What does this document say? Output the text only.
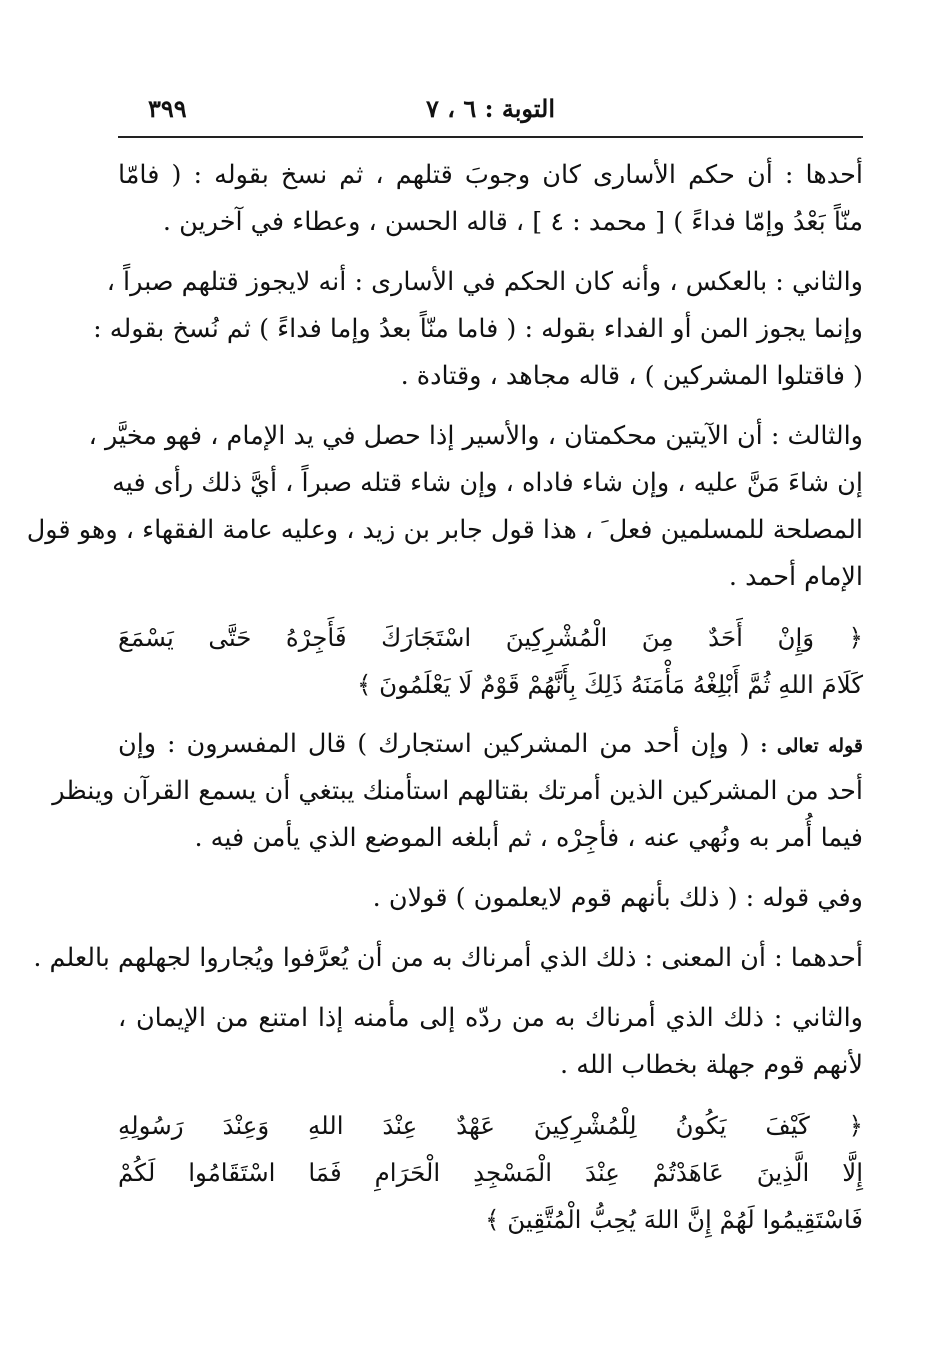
٣٩٩	التوبة : ٦ ، ٧
أحدها : أن حكم الأسارى كان وجوبَ قتلهم ، ثم نسخ بقوله : ( فامّا
منّاً بَعْدُ وإمّا فداءً ) [ محمد : ٤ ] ، قاله الحسن ، وعطاء في آخرين .
والثاني : بالعكس ، وأنه كان الحكم في الأسارى : أنه لايجوز قتلهم صبراً ،
وإنما يجوز المن أو الفداء بقوله : ( فاما منّاً بعدُ وإما فداءً ) ثم نُسخ بقوله :
( فاقتلوا المشركين ) ، قاله مجاهد ، وقتادة .
والثالث : أن الآيتين محكمتان ، والأسير إذا حصل في يد الإمام ، فهو مخيَّر ،
إن شاءَ مَنَّ عليه ، وإن شاء فاداه ، وإن شاء قتله صبراً ، أيَّ ذلك رأى فيه
المصلحة للمسلمين فعل َ ، هذا قول جابر بن زيد ، وعليه عامة الفقهاء ، وهو قول
الإمام أحمد .
﴿ وَإِنْ أَحَدٌ مِنَ الْمُشْرِكِينَ اسْتَجَارَكَ فَأَجِرْهُ حَتَّى يَسْمَعَ
كَلَامَ اللهِ ثُمَّ أَبْلِغْهُ مَأْمَنَهُ ذَلِكَ بِأَنَّهُمْ قَوْمٌ لَا يَعْلَمُونَ ﴾
قوله تعالى : ( وإن أحد من المشركين استجارك ) قال المفسرون : وإن
أحد من المشركين الذين أمرتك بقتالهم استأمنك يبتغي أن يسمع القرآن وينظر
فيما أُمر به ونُهي عنه ، فأجِرْه ، ثم أبلغه الموضع الذي يأمن فيه .
وفي قوله : ( ذلك بأنهم قوم لايعلمون ) قولان .
أحدهما : أن المعنى : ذلك الذي أمرناك به من أن يُعرَّفوا ويُجاروا لجهلهم بالعلم .
والثاني : ذلك الذي أمرناك به من ردّه إلى مأمنه إذا امتنع من الإيمان ،
لأنهم قوم جهلة بخطاب الله .
﴿ كَيْفَ يَكُونُ لِلْمُشْرِكِينَ عَهْدٌ عِنْدَ اللهِ وَعِنْدَ رَسُولِهِ
إِلَّا الَّذِينَ عَاهَدْتُمْ عِنْدَ الْمَسْجِدِ الْحَرَامِ فَمَا اسْتَقَامُوا لَكُمْ
فَاسْتَقِيمُوا لَهُمْ إِنَّ اللهَ يُحِبُّ الْمُتَّقِينَ ﴾
